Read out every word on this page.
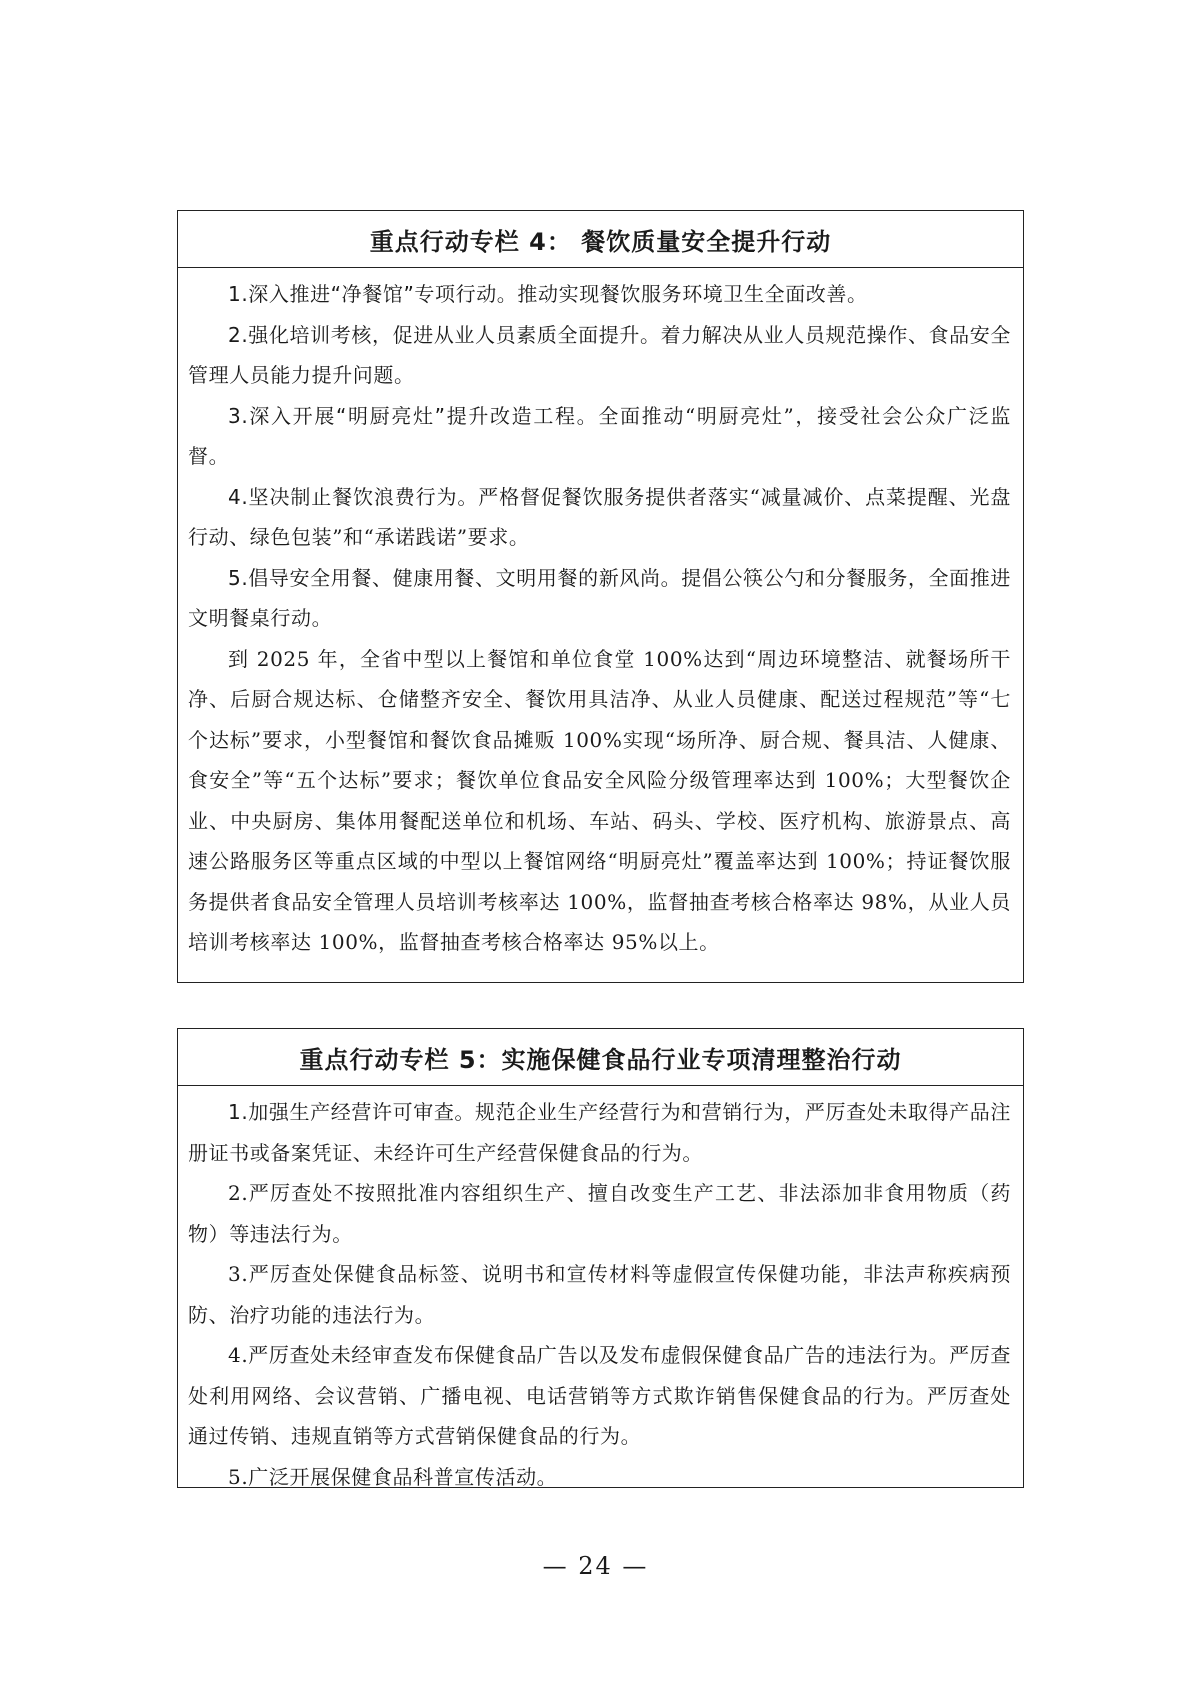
重点行动专栏 4： 餐饮质量安全提升行动

1.深入推进“净餐馆”专项行动。推动实现餐饮服务环境卫生全面改善。

2.强化培训考核，促进从业人员素质全面提升。着力解决从业人员规范操作、食品安全管理人员能力提升问题。

3.深入开展“明厨亮灶”提升改造工程。全面推动“明厨亮灶”，接受社会公众广泛监督。

4.坚决制止餐饮浪费行为。严格督促餐饮服务提供者落实“减量减价、点菜提醒、光盘行动、绿色包装”和“承诺践诺”要求。

5.倡导安全用餐、健康用餐、文明用餐的新风尚。提倡公筷公勺和分餐服务，全面推进文明餐桌行动。

到 2025 年，全省中型以上餐馆和单位食堂 100%达到“周边环境整洁、就餐场所干净、后厨合规达标、仓储整齐安全、餐饮用具洁净、从业人员健康、配送过程规范”等“七个达标”要求，小型餐馆和餐饮食品摊贩 100%实现“场所净、厨合规、餐具洁、人健康、食安全”等“五个达标”要求；餐饮单位食品安全风险分级管理率达到 100%；大型餐饮企业、中央厨房、集体用餐配送单位和机场、车站、码头、学校、医疗机构、旅游景点、高速公路服务区等重点区域的中型以上餐馆网络“明厨亮灶”覆盖率达到 100%；持证餐饮服务提供者食品安全管理人员培训考核率达 100%，监督抽查考核合格率达 98%，从业人员培训考核率达 100%，监督抽查考核合格率达 95%以上。

重点行动专栏 5：实施保健食品行业专项清理整治行动

1.加强生产经营许可审查。规范企业生产经营行为和营销行为，严厉查处未取得产品注册证书或备案凭证、未经许可生产经营保健食品的行为。

2.严厉查处不按照批准内容组织生产、擅自改变生产工艺、非法添加非食用物质（药物）等违法行为。

3.严厉查处保健食品标签、说明书和宣传材料等虚假宣传保健功能，非法声称疾病预防、治疗功能的违法行为。

4.严厉查处未经审查发布保健食品广告以及发布虚假保健食品广告的违法行为。严厉查处利用网络、会议营销、广播电视、电话营销等方式欺诈销售保健食品的行为。严厉查处通过传销、违规直销等方式营销保健食品的行为。

5.广泛开展保健食品科普宣传活动。

— 24 —
